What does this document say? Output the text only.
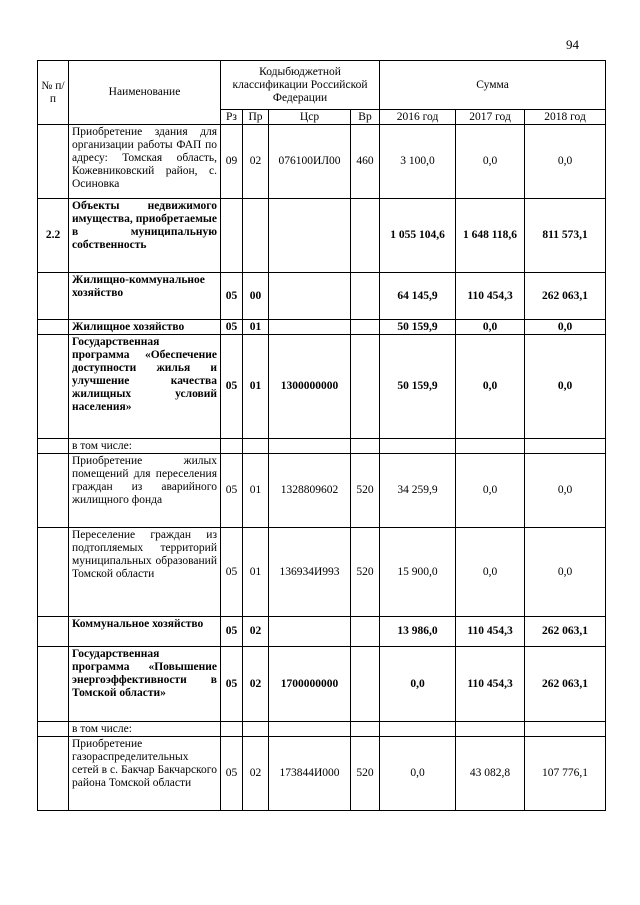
94
№ п/п	Наименование	Кодыбюджетной классификации Российской Федерации				Сумма		
		Рз	Пр	Цср	Вр	2016 год	2017 год	2018 год
	Приобретение здания для организации работы ФАП по адресу: Томская область, Кожевниковский район, с. Осиновка	09	02	076100ИЛ00	460	3 100,0	0,0	0,0
2.2	Объекты недвижимого имущества, приобретаемые в муниципальную собственность					1 055 104,6	1 648 118,6	811 573,1
	Жилищно-коммунальное хозяйство	05	00			64 145,9	110 454,3	262 063,1
	Жилищное хозяйство	05	01			50 159,9	0,0	0,0
	Государственная программа «Обеспечение доступности жилья и улучшение качества жилищных условий населения»	05	01	1300000000		50 159,9	0,0	0,0
	в том числе:							
	Приобретение жилых помещений для переселения граждан из аварийного жилищного фонда	05	01	1328809602	520	34 259,9	0,0	0,0
	Переселение граждан из подтопляемых территорий муниципальных образований Томской области	05	01	136934И993	520	15 900,0	0,0	0,0
	Коммунальное хозяйство	05	02			13 986,0	110 454,3	262 063,1
	Государственная программа «Повышение энергоэффективности в Томской области»	05	02	1700000000		0,0	110 454,3	262 063,1
	в том числе:							
	Приобретение газораспределительных сетей в с. Бакчар Бакчарского района Томской области	05	02	173844И000	520	0,0	43 082,8	107 776,1
